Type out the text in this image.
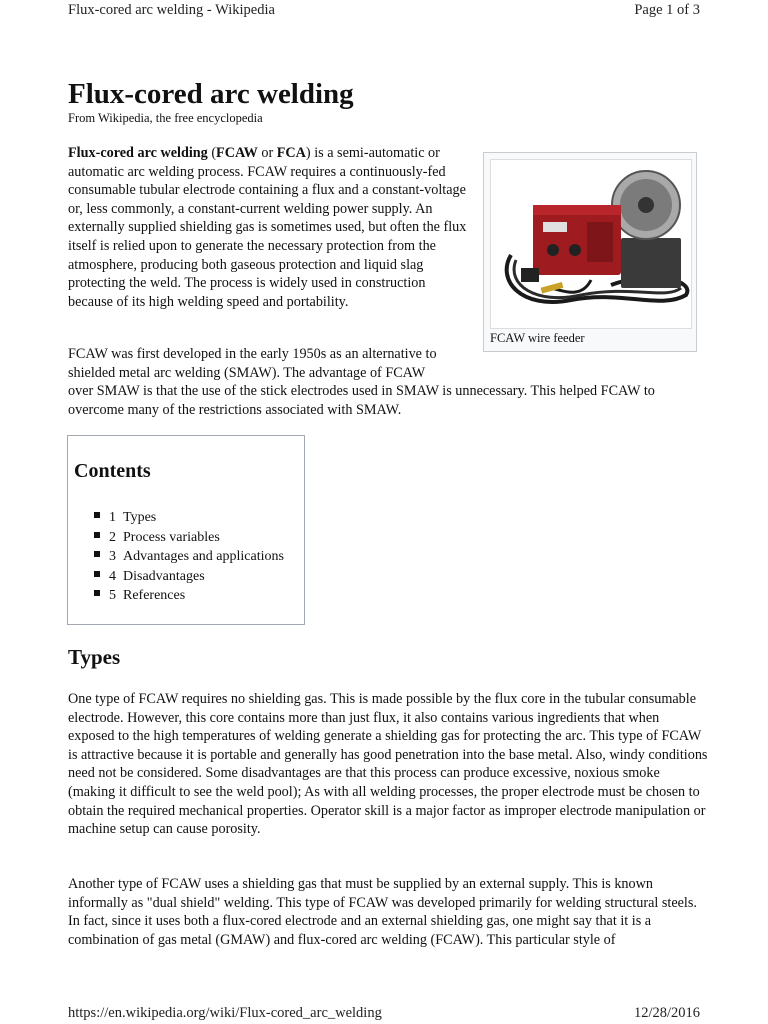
Flux-cored arc welding - Wikipedia	Page 1 of 3
Flux-cored arc welding
From Wikipedia, the free encyclopedia

Flux-cored arc welding (FCAW or FCA) is a semi-automatic or automatic arc welding process. FCAW requires a continuously-fed consumable tubular electrode containing a flux and a constant-voltage or, less commonly, a constant-current welding power supply. An externally supplied shielding gas is sometimes used, but often the flux itself is relied upon to generate the necessary protection from the atmosphere, producing both gaseous protection and liquid slag protecting the weld. The process is widely used in construction because of its high welding speed and portability.

FCAW wire feeder

FCAW was first developed in the early 1950s as an alternative to
shielded metal arc welding (SMAW). The advantage of FCAW
over SMAW is that the use of the stick electrodes used in SMAW is unnecessary. This helped FCAW to overcome many of the restrictions associated with SMAW.

Contents
1 Types
2 Process variables
3 Advantages and applications
4 Disadvantages
5 References
Types

One type of FCAW requires no shielding gas. This is made possible by the flux core in the tubular consumable electrode. However, this core contains more than just flux, it also contains various ingredients that when exposed to the high temperatures of welding generate a shielding gas for protecting the arc. This type of FCAW is attractive because it is portable and generally has good penetration into the base metal. Also, windy conditions need not be considered. Some disadvantages are that this process can produce excessive, noxious smoke (making it difficult to see the weld pool); As with all welding processes, the proper electrode must be chosen to obtain the required mechanical properties. Operator skill is a major factor as improper electrode manipulation or machine setup can cause porosity.

Another type of FCAW uses a shielding gas that must be supplied by an external supply. This is known informally as "dual shield" welding. This type of FCAW was developed primarily for welding structural steels. In fact, since it uses both a flux-cored electrode and an external shielding gas, one might say that it is a combination of gas metal (GMAW) and flux-cored arc welding (FCAW). This particular style of

https://en.wikipedia.org/wiki/Flux-cored_arc_welding	12/28/2016
